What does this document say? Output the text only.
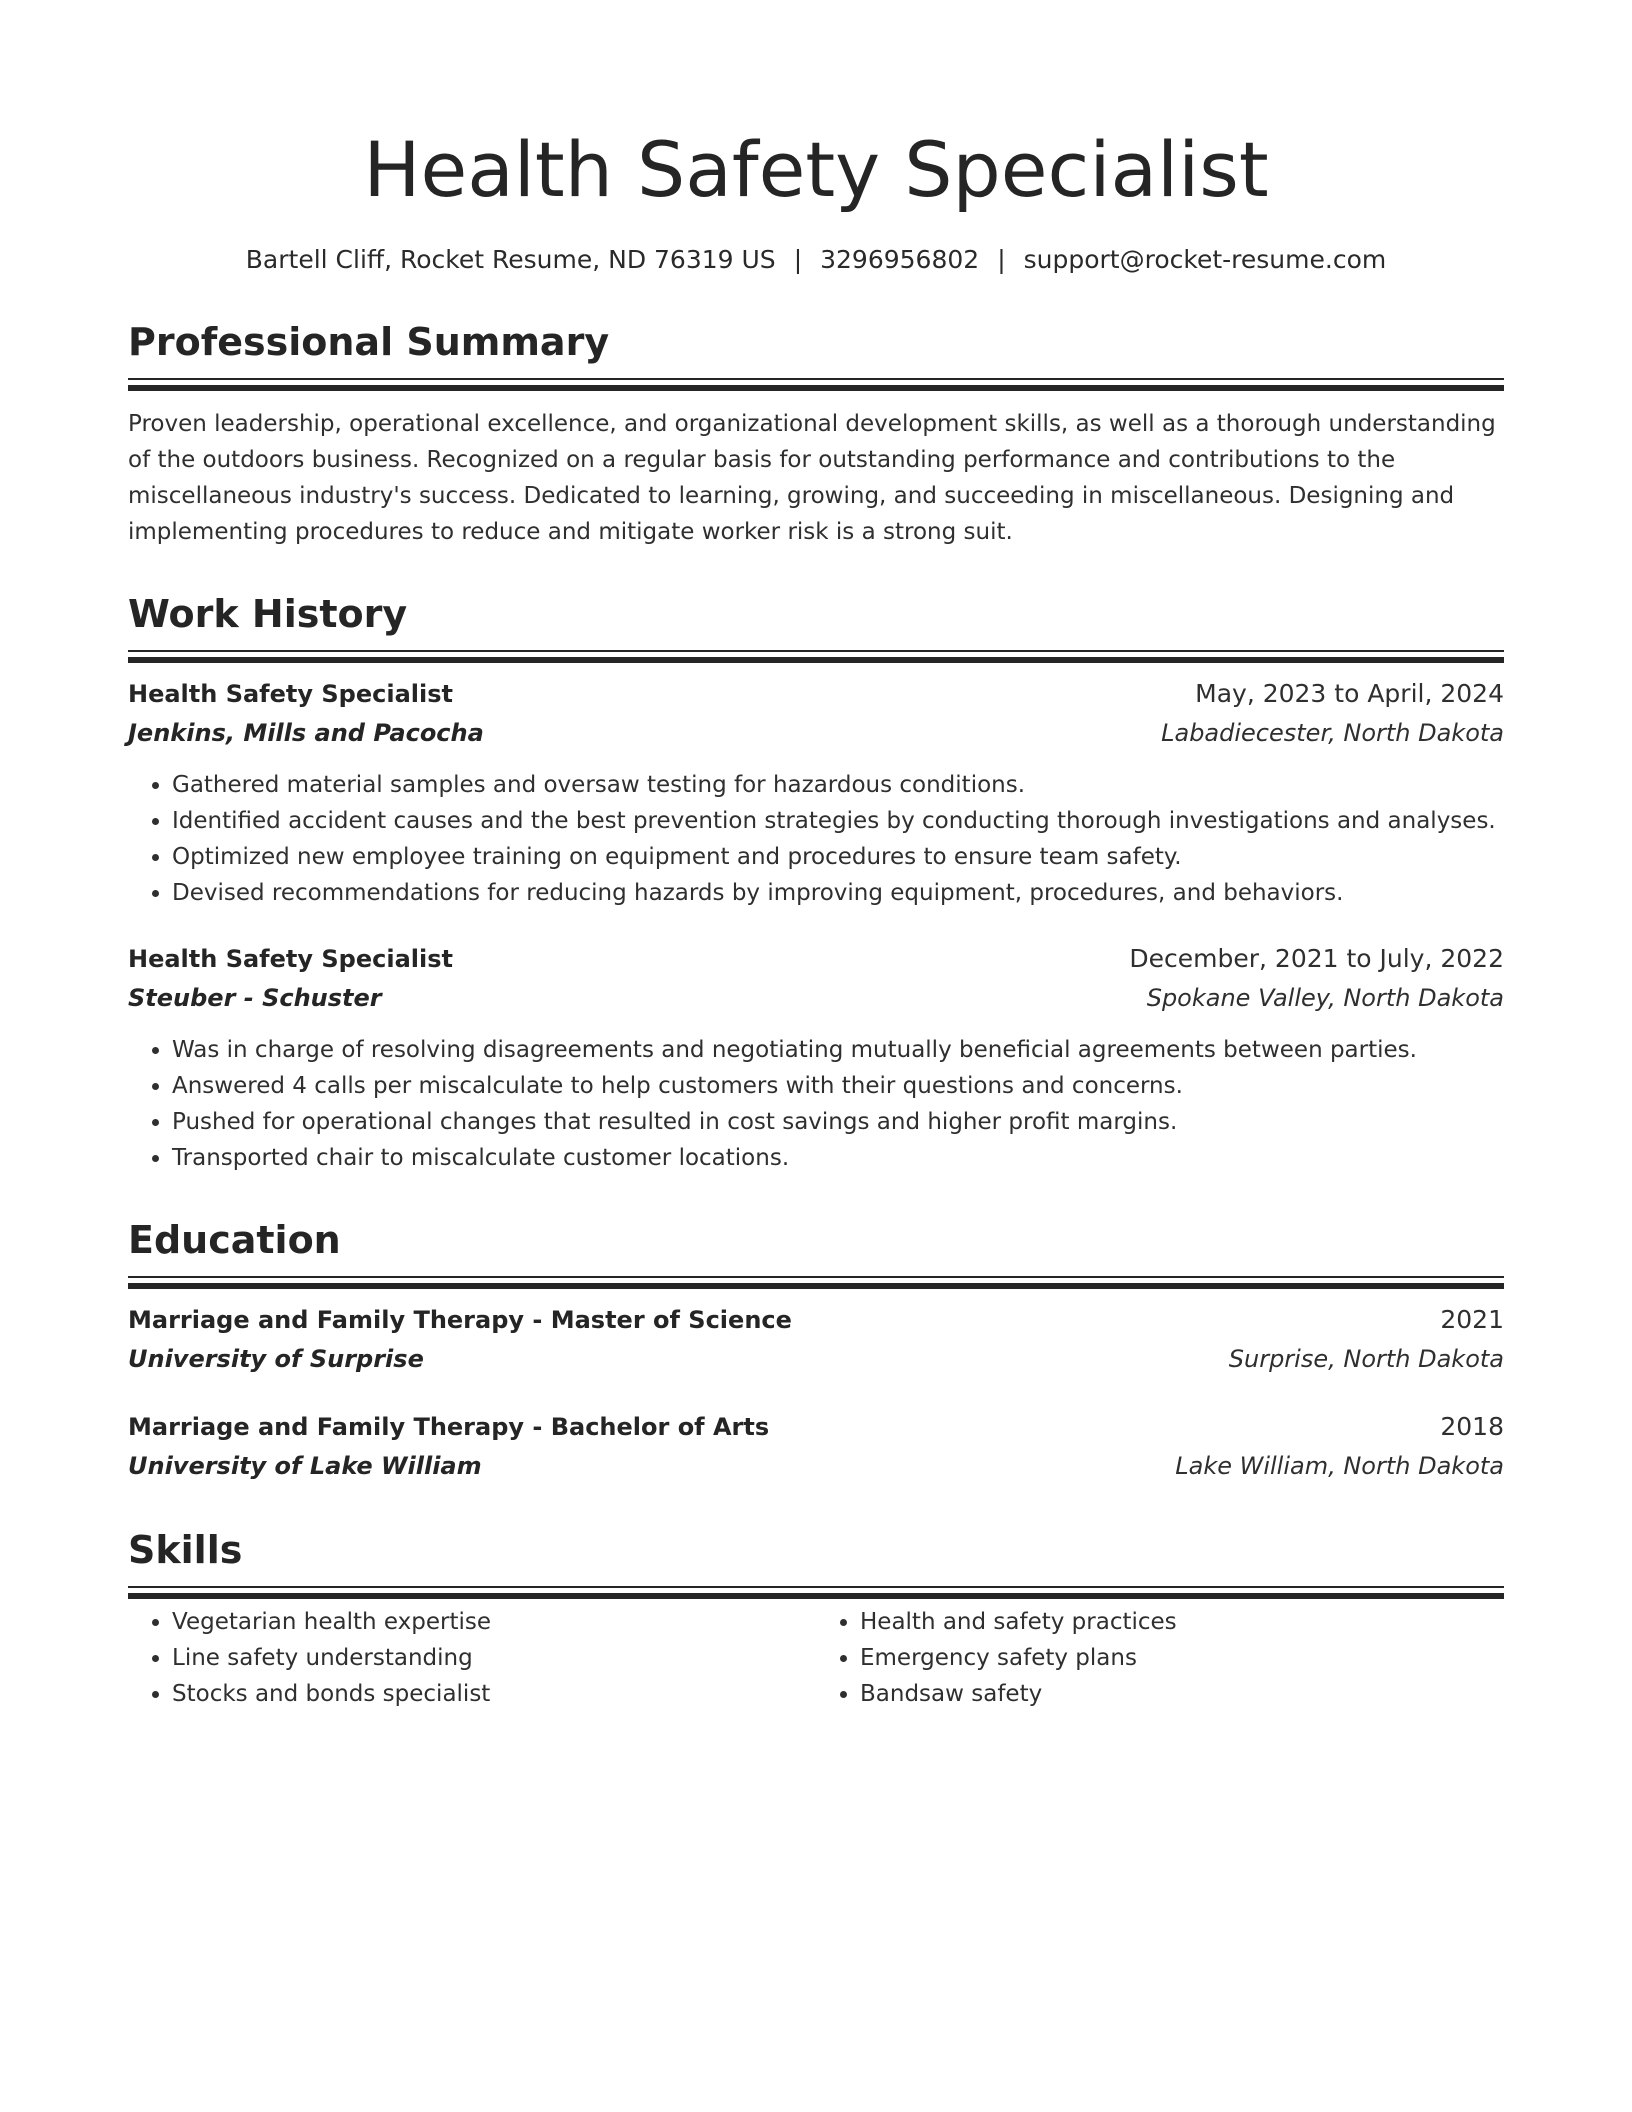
Health Safety Specialist
Bartell Cliff, Rocket Resume, ND 76319 US | 3296956802 | support@rocket-resume.com
Professional Summary
Proven leadership, operational excellence, and organizational development skills, as well as a thorough understanding of the outdoors business. Recognized on a regular basis for outstanding performance and contributions to the miscellaneous industry's success. Dedicated to learning, growing, and succeeding in miscellaneous. Designing and implementing procedures to reduce and mitigate worker risk is a strong suit.
Work History
Health Safety Specialist	May, 2023 to April, 2024
Jenkins, Mills and Pacocha	Labadiecester, North Dakota
• Gathered material samples and oversaw testing for hazardous conditions.
• Identified accident causes and the best prevention strategies by conducting thorough investigations and analyses.
• Optimized new employee training on equipment and procedures to ensure team safety.
• Devised recommendations for reducing hazards by improving equipment, procedures, and behaviors.
Health Safety Specialist	December, 2021 to July, 2022
Steuber - Schuster	Spokane Valley, North Dakota
• Was in charge of resolving disagreements and negotiating mutually beneficial agreements between parties.
• Answered 4 calls per miscalculate to help customers with their questions and concerns.
• Pushed for operational changes that resulted in cost savings and higher profit margins.
• Transported chair to miscalculate customer locations.
Education
Marriage and Family Therapy - Master of Science	2021
University of Surprise	Surprise, North Dakota
Marriage and Family Therapy - Bachelor of Arts	2018
University of Lake William	Lake William, North Dakota
Skills
• Vegetarian health expertise
• Line safety understanding
• Stocks and bonds specialist
• Health and safety practices
• Emergency safety plans
• Bandsaw safety
